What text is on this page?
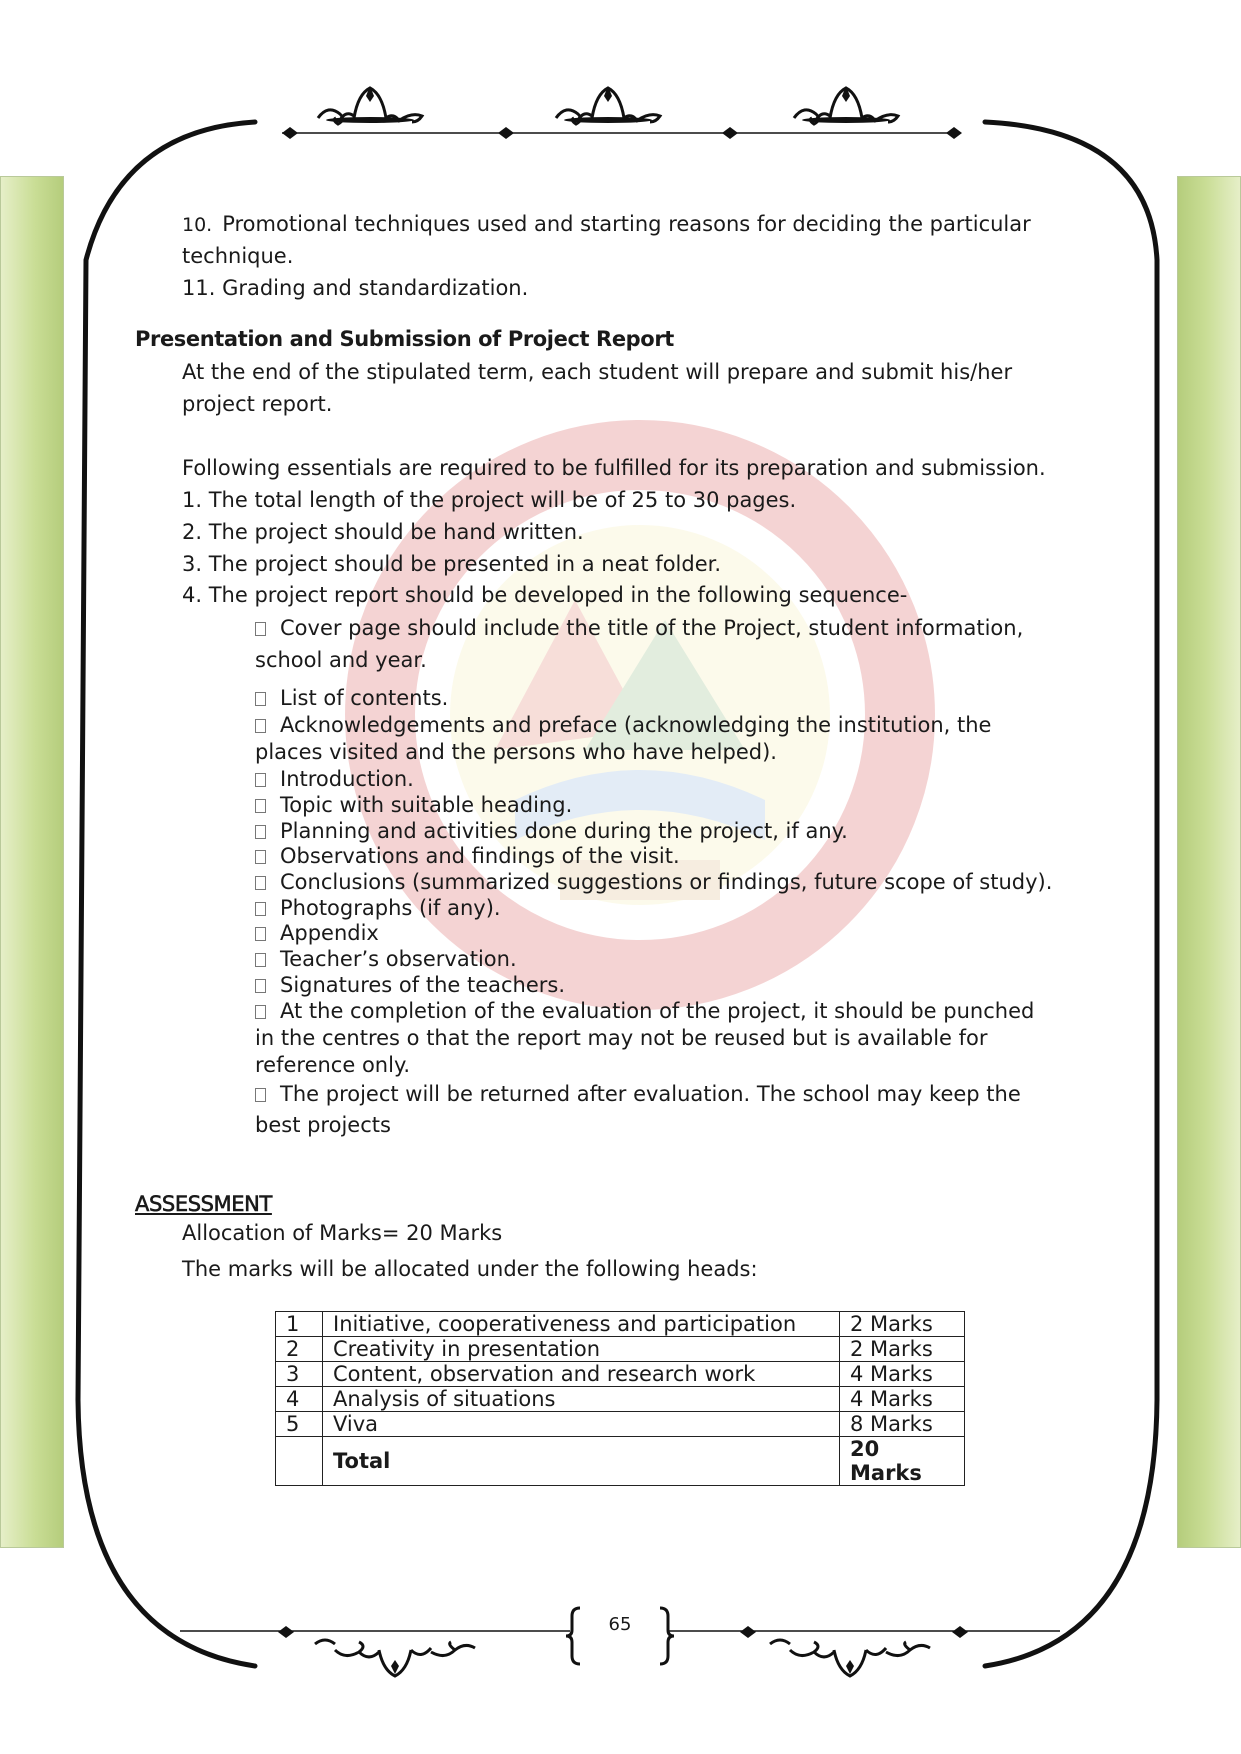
10. Promotional techniques used and starting reasons for deciding the particular
technique.
11. Grading and standardization.
Presentation and Submission of Project Report
At the end of the stipulated term, each student will prepare and submit his/her
project report.
Following essentials are required to be fulfilled for its preparation and submission.
1. The total length of the project will be of 25 to 30 pages.
2. The project should be hand written.
3. The project should be presented in a neat folder.
4. The project report should be developed in the following sequence-
Cover page should include the title of the Project, student information,
school and year.
List of contents.
Acknowledgements and preface (acknowledging the institution, the
places visited and the persons who have helped).
Introduction.
Topic with suitable heading.
Planning and activities done during the project, if any.
Observations and findings of the visit.
Conclusions (summarized suggestions or findings, future scope of study).
Photographs (if any).
Appendix
Teacher’s observation.
Signatures of the teachers.
At the completion of the evaluation of the project, it should be punched
in the centres o that the report may not be reused but is available for
reference only.
The project will be returned after evaluation. The school may keep the
best projects
ASSESSMENT
Allocation of Marks= 20 Marks
The marks will be allocated under the following heads:
1	Initiative, cooperativeness and participation	2 Marks
2	Creativity in presentation	2 Marks
3	Content, observation and research work	4 Marks
4	Analysis of situations	4 Marks
5	Viva	8 Marks
	Total	20 Marks
65
